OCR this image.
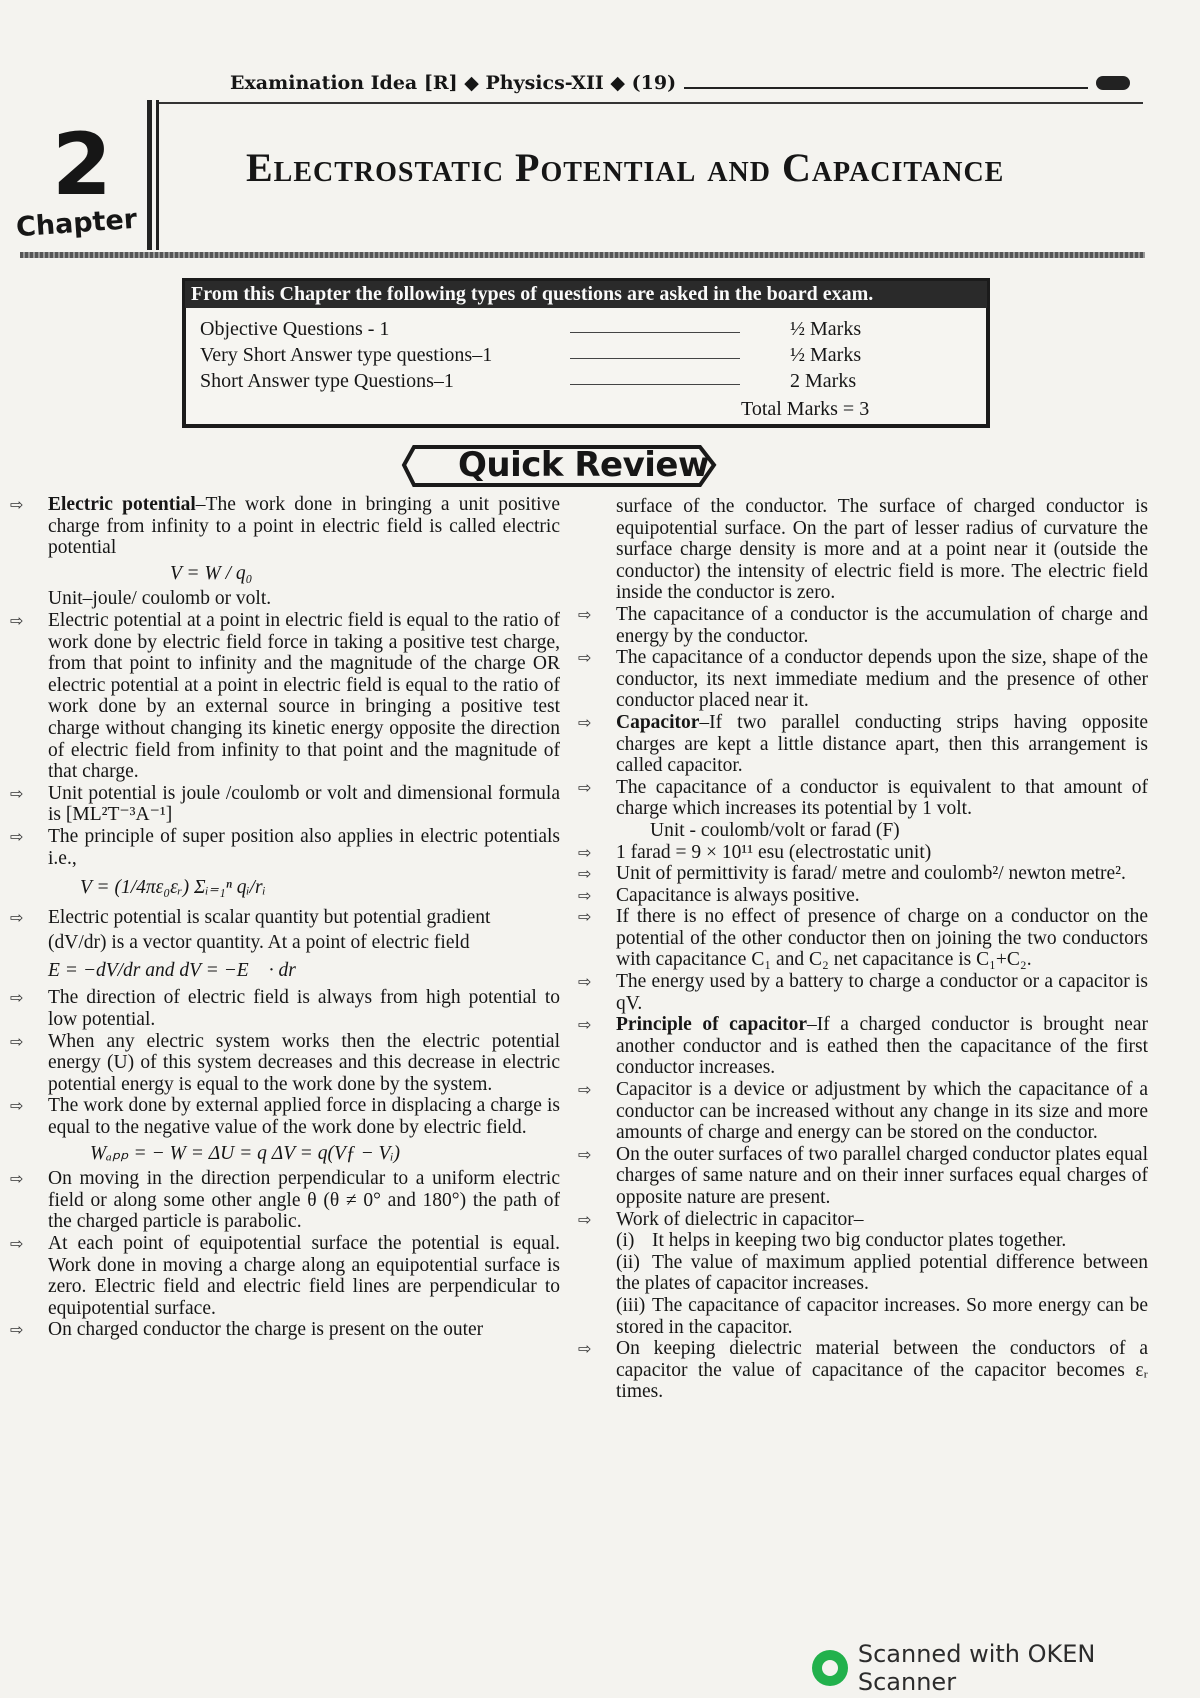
Examination Idea [R] ◆ Physics-XII ◆ (19)
2
Chapter
Electrostatic Potential and Capacitance
From this Chapter the following types of questions are asked in the board exam.
Objective Questions - 1	½ Marks
Very Short Answer type questions–1	½ Marks
Short Answer type Questions–1	2 Marks
Total Marks = 3
Quick Review
⇨	Electric potential–The work done in bringing a unit positive charge from infinity to a point in electric field is called electric potential
V = W / q₀
Unit–joule/ coulomb or volt.
⇨	Electric potential at a point in electric field is equal to the ratio of work done by electric field force in taking a positive test charge, from that point to infinity and the magnitude of the charge OR electric potential at a point in electric field is equal to the ratio of work done by an external source in bringing a positive test charge without changing its kinetic energy opposite the direction of electric field from infinity to that point and the magnitude of that charge.
⇨	Unit potential is joule /coulomb or volt and dimensional formula is [ML²T⁻³A⁻¹]
⇨	The principle of super position also applies in electric potentials i.e.,
V = (1/4πε₀εᵣ) Σᵢ₌₁ⁿ qᵢ/rᵢ
⇨	Electric potential is scalar quantity but potential gradient
(dV/dr) is a vector quantity. At a point of electric field
E = −dV/dr and dV = −E⃗ · dr⃗
⇨	The direction of electric field is always from high potential to low potential.
⇨	When any electric system works then the electric potential energy (U) of this system decreases and this decrease in electric potential energy is equal to the work done by the system.
⇨	The work done by external applied force in displacing a charge is equal to the negative value of the work done by electric field.
Wₐₚₚ = − W = ΔU = q ΔV = q(Vƒ − Vᵢ)
⇨	On moving in the direction perpendicular to a uniform electric field or along some other angle θ (θ ≠ 0° and 180°) the path of the charged particle is parabolic.
⇨	At each point of equipotential surface the potential is equal. Work done in moving a charge along an equipotential surface is zero. Electric field and electric field lines are perpendicular to equipotential surface.
⇨	On charged conductor the charge is present on the outer
surface of the conductor. The surface of charged conductor is equipotential surface. On the part of lesser radius of curvature the surface charge density is more and at a point near it (outside the conductor) the intensity of electric field is more. The electric field inside the conductor is zero.
⇨	The capacitance of a conductor is the accumulation of charge and energy by the conductor.
⇨	The capacitance of a conductor depends upon the size, shape of the conductor, its next immediate medium and the presence of other conductor placed near it.
⇨	Capacitor–If two parallel conducting strips having opposite charges are kept a little distance apart, then this arrangement is called capacitor.
⇨	The capacitance of a conductor is equivalent to that amount of charge which increases its potential by 1 volt.
Unit - coulomb/volt or farad (F)
⇨	1 farad = 9 × 10¹¹ esu (electrostatic unit)
⇨	Unit of permittivity is farad/ metre and coulomb²/ newton metre².
⇨	Capacitance is always positive.
⇨	If there is no effect of presence of charge on a conductor on the potential of the other conductor then on joining the two conductors with capacitance C₁ and C₂ net capacitance is C₁+C₂.
⇨	The energy used by a battery to charge a conductor or a capacitor is qV.
⇨	Principle of capacitor–If a charged conductor is brought near another conductor and is eathed then the capacitance of the first conductor increases.
⇨	Capacitor is a device or adjustment by which the capacitance of a conductor can be increased without any change in its size and more amounts of charge and energy can be stored on the conductor.
⇨	On the outer surfaces of two parallel charged conductor plates equal charges of same nature and on their inner surfaces equal charges of opposite nature are present.
⇨	Work of dielectric in capacitor–
(i) It helps in keeping two big conductor plates together.
(ii) The value of maximum applied potential difference between the plates of capacitor increases.
(iii) The capacitance of capacitor increases. So more energy can be stored in the capacitor.
⇨	On keeping dielectric material between the conductors of a capacitor the value of capacitance of the capacitor becomes εᵣ times.
Scanned with OKEN Scanner
